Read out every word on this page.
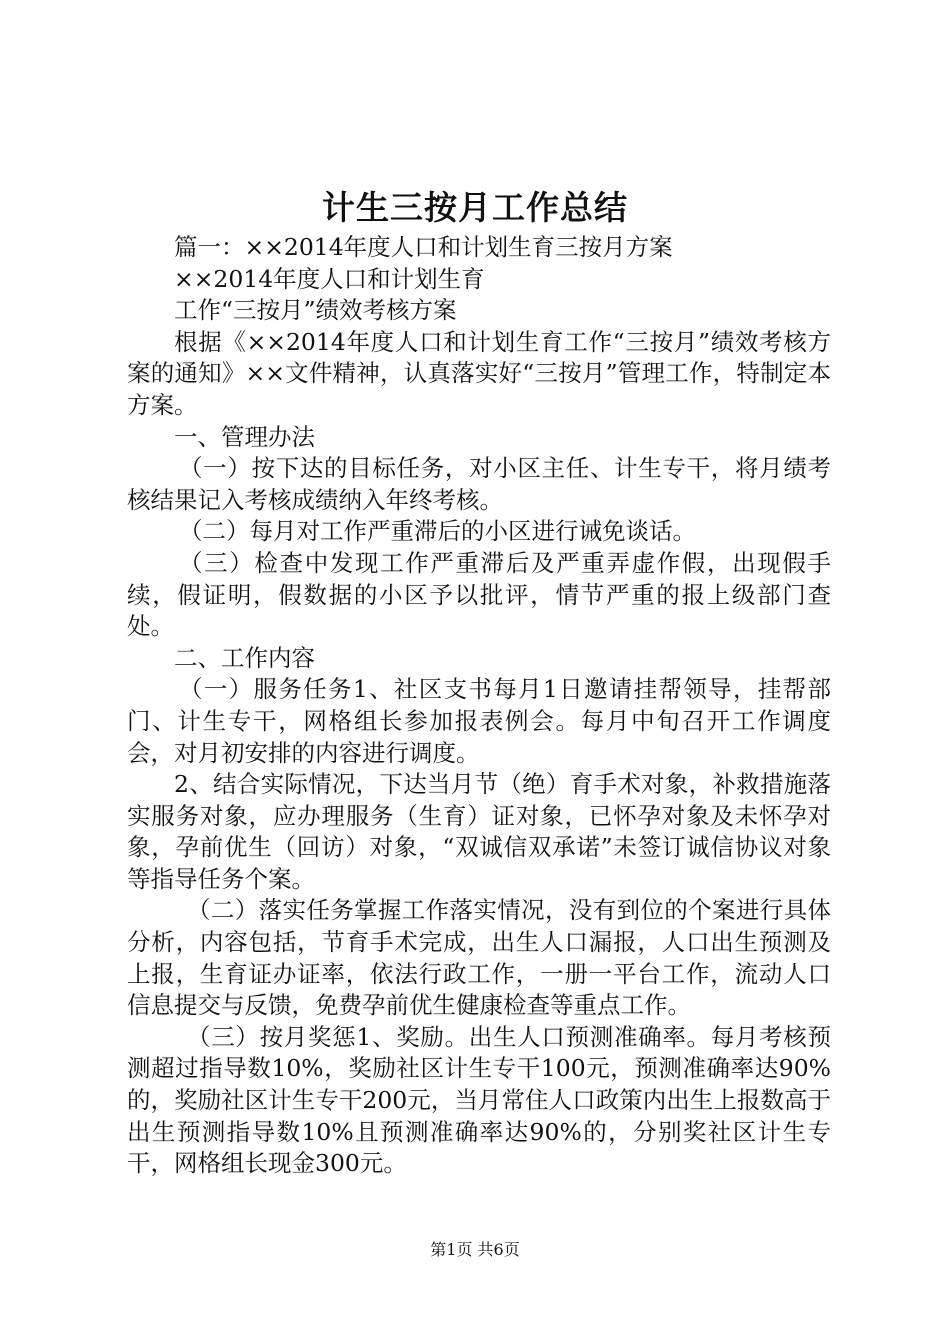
计生三按月工作总结

篇一：××2014年度人口和计划生育三按月方案

××2014年度人口和计划生育

工作“三按月”绩效考核方案

根据《××2014年度人口和计划生育工作“三按月”绩效考核方案的通知》××文件精神，认真落实好“三按月”管理工作，特制定本方案。

一、管理办法

（一）按下达的目标任务，对小区主任、计生专干，将月绩考核结果记入考核成绩纳入年终考核。

（二）每月对工作严重滞后的小区进行诫免谈话。

（三）检查中发现工作严重滞后及严重弄虚作假，出现假手续，假证明，假数据的小区予以批评，情节严重的报上级部门查处。

二、工作内容

（一）服务任务1、社区支书每月1日邀请挂帮领导，挂帮部门、计生专干，网格组长参加报表例会。每月中旬召开工作调度会，对月初安排的内容进行调度。

2、结合实际情况，下达当月节（绝）育手术对象，补救措施落实服务对象，应办理服务（生育）证对象，已怀孕对象及未怀孕对象，孕前优生（回访）对象，“双诚信双承诺”未签订诚信协议对象等指导任务个案。

（二）落实任务掌握工作落实情况，没有到位的个案进行具体分析，内容包括，节育手术完成，出生人口漏报，人口出生预测及上报，生育证办证率，依法行政工作，一册一平台工作，流动人口信息提交与反馈，免费孕前优生健康检查等重点工作。

（三）按月奖惩1、奖励。出生人口预测准确率。每月考核预测超过指导数10%，奖励社区计生专干100元，预测准确率达90%的，奖励社区计生专干200元，当月常住人口政策内出生上报数高于出生预测指导数10%且预测准确率达90%的，分别奖社区计生专干，网格组长现金300元。

第1页 共6页
